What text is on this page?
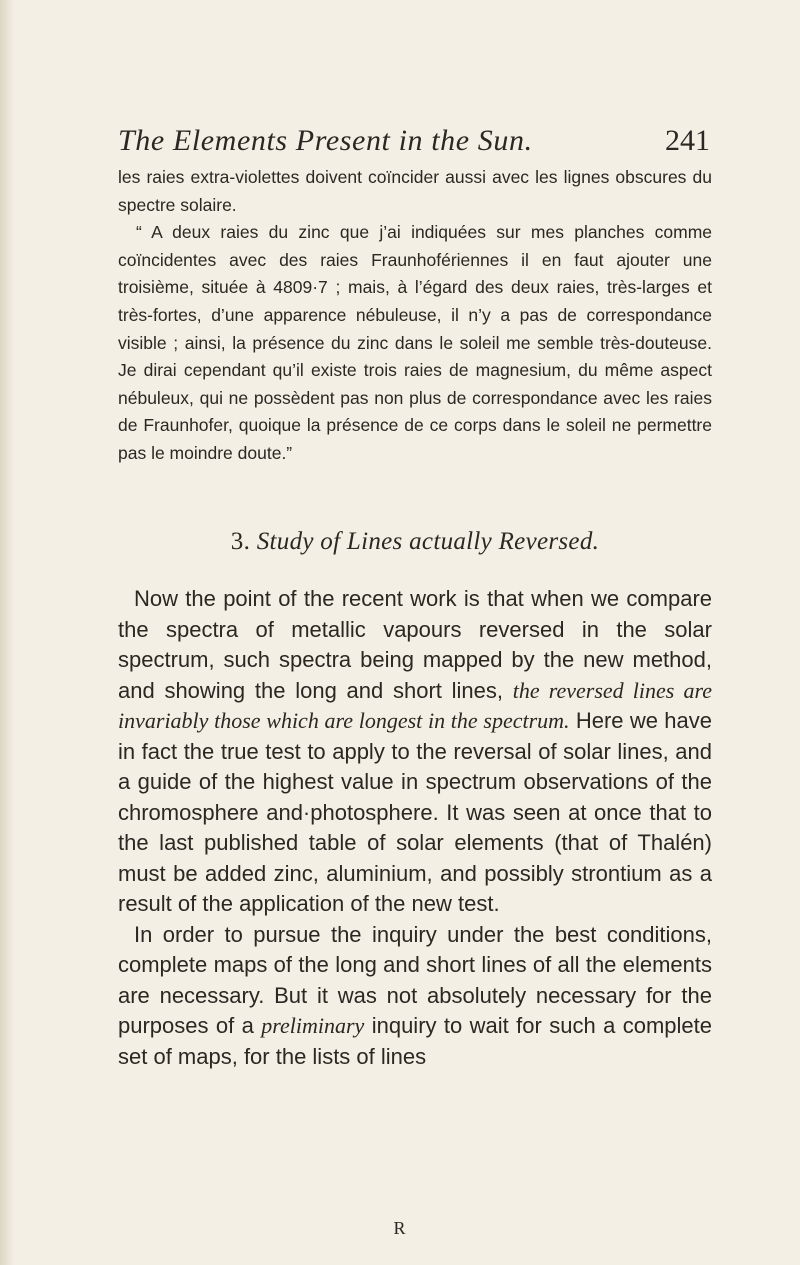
The Elements Present in the Sun.	241

les raies extra-violettes doivent coïncider aussi avec les lignes obscures du spectre solaire.

“ A deux raies du zinc que j’ai indiquées sur mes planches comme coïncidentes avec des raies Fraunhofériennes il en faut ajouter une troisième, située à 4809·7 ; mais, à l’égard des deux raies, très-larges et très-fortes, d’une apparence nébuleuse, il n’y a pas de correspondance visible ; ainsi, la présence du zinc dans le soleil me semble très-douteuse. Je dirai cependant qu’il existe trois raies de magnesium, du même aspect nébuleux, qui ne possèdent pas non plus de correspondance avec les raies de Fraunhofer, quoique la présence de ce corps dans le soleil ne permettre pas le moindre doute.”

3. Study of Lines actually Reversed.

Now the point of the recent work is that when we compare the spectra of metallic vapours reversed in the solar spectrum, such spectra being mapped by the new method, and showing the long and short lines, the reversed lines are invariably those which are longest in the spectrum. Here we have in fact the true test to apply to the reversal of solar lines, and a guide of the highest value in spectrum observations of the chromosphere and·photosphere. It was seen at once that to the last published table of solar elements (that of Thalén) must be added zinc, aluminium, and possibly strontium as a result of the application of the new test.

In order to pursue the inquiry under the best conditions, complete maps of the long and short lines of all the elements are necessary. But it was not absolutely necessary for the purposes of a preliminary inquiry to wait for such a complete set of maps, for the lists of lines

R
